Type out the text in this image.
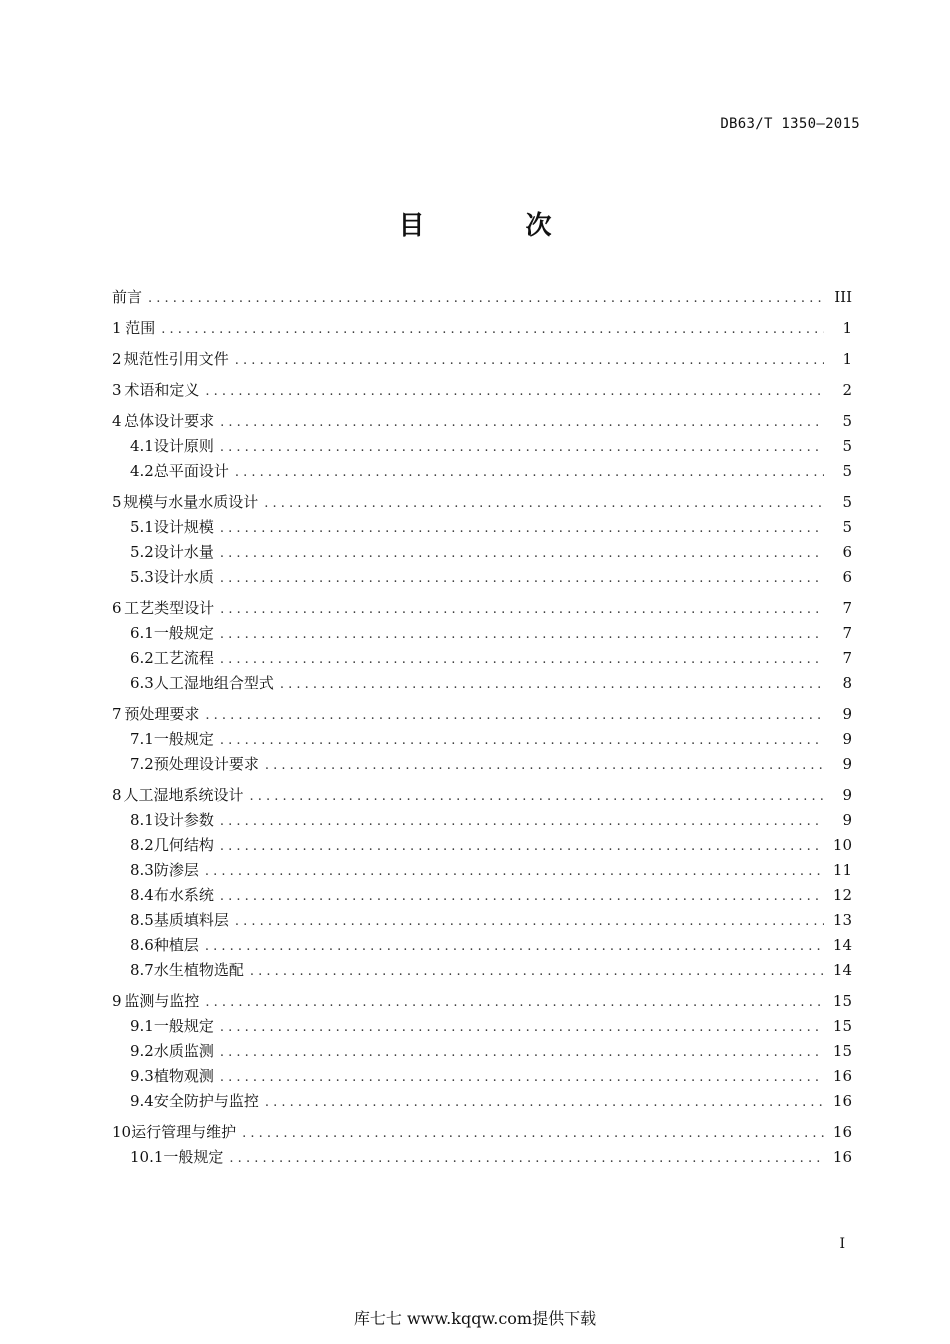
DB63/T 1350—2015
目 次
前言 . . .	III
1 范围 . . .	1
2 规范性引用文件 . . .	1
3 术语和定义 . . .	2
4 总体设计要求 . . .	5
4.1 设计原则 . . .	5
4.2 总平面设计 . . .	5
5 规模与水量水质设计 . . .	5
5.1 设计规模 . . .	5
5.2 设计水量 . . .	6
5.3 设计水质 . . .	6
6 工艺类型设计 . . .	7
6.1 一般规定 . . .	7
6.2 工艺流程 . . .	7
6.3 人工湿地组合型式 . . .	8
7 预处理要求 . . .	9
7.1 一般规定 . . .	9
7.2 预处理设计要求 . . .	9
8 人工湿地系统设计 . . .	9
8.1 设计参数 . . .	9
8.2 几何结构 . . .	10
8.3 防渗层 . . .	11
8.4 布水系统 . . .	12
8.5 基质填料层 . . .	13
8.6 种植层 . . .	14
8.7 水生植物选配 . . .	14
9 监测与监控 . . .	15
9.1 一般规定 . . .	15
9.2 水质监测 . . .	15
9.3 植物观测 . . .	16
9.4 安全防护与监控 . . .	16
10 运行管理与维护 . . .	16
10.1 一般规定 . . .	16
I
库七七 www.kqqw.com提供下载
